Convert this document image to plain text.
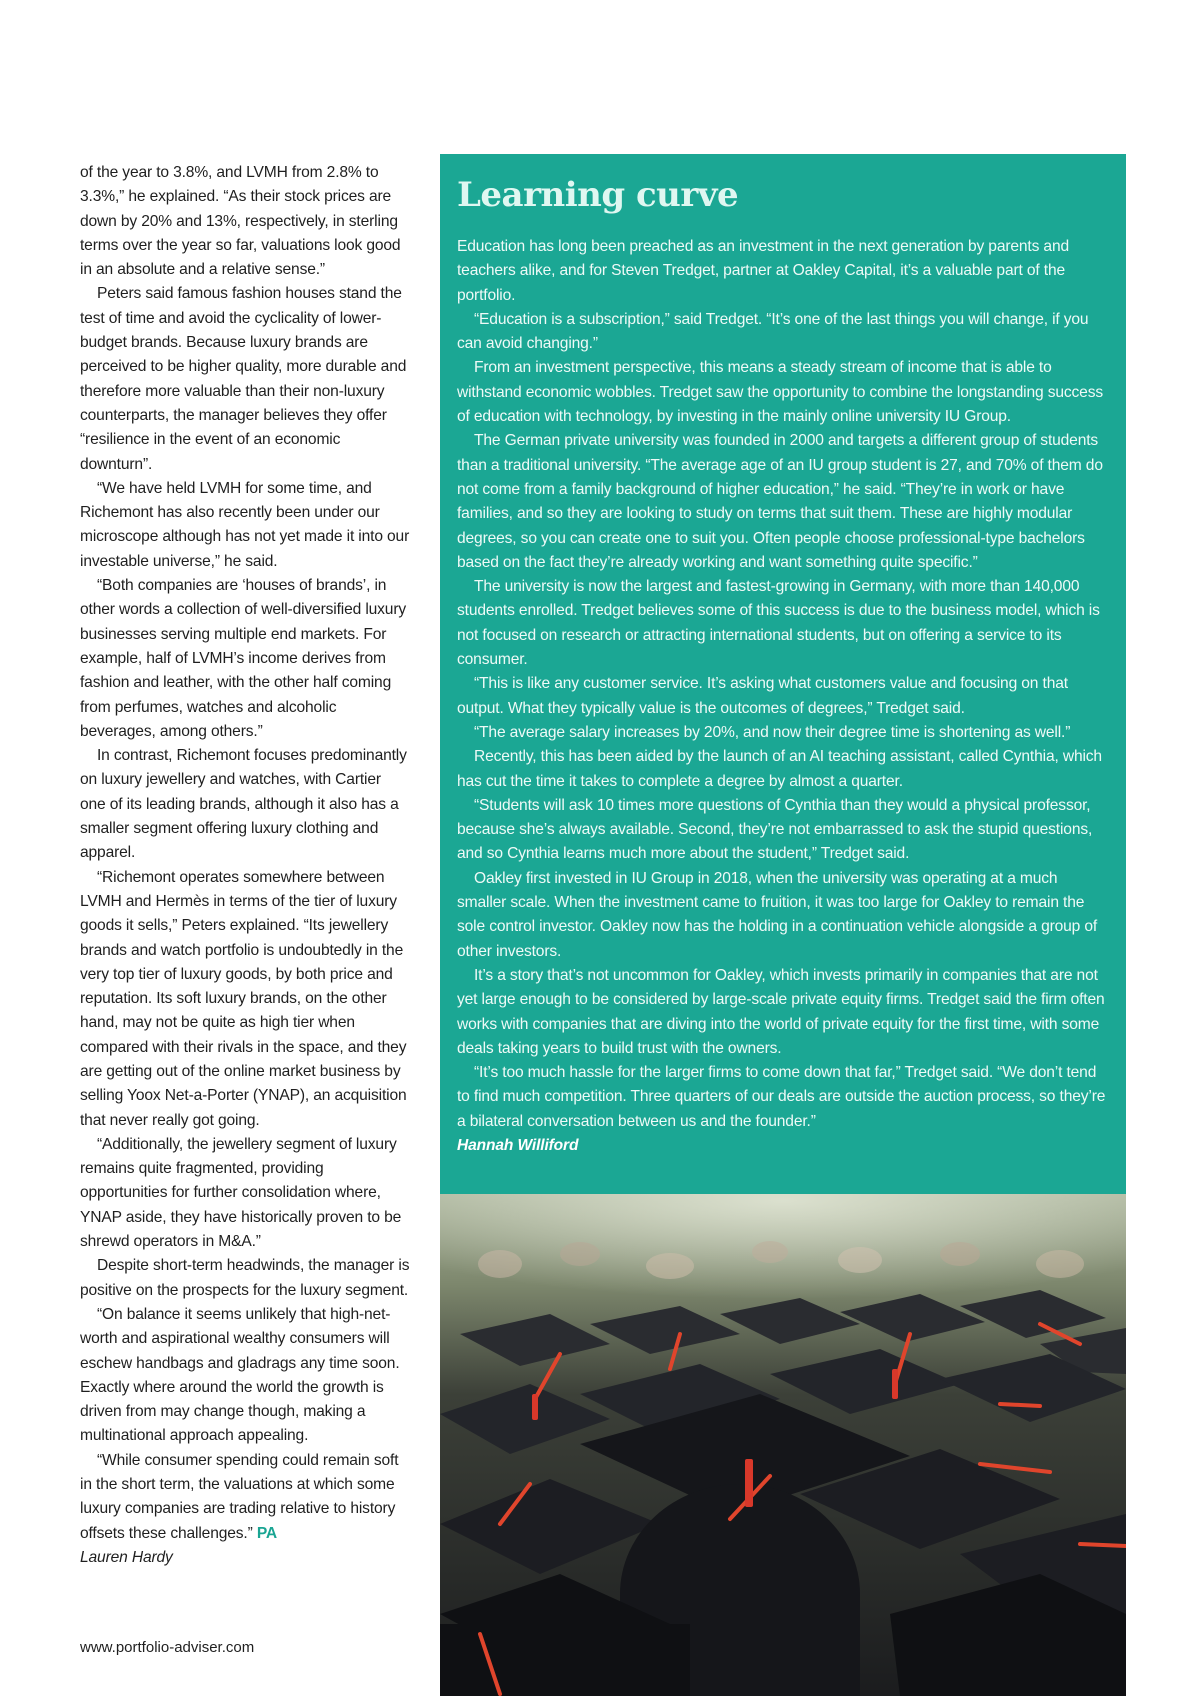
of the year to 3.8%, and LVMH from 2.8% to 3.3%,” he explained. “As their stock prices are down by 20% and 13%, respectively, in sterling terms over the year so far, valuations look good in an absolute and a relative sense.”

Peters said famous fashion houses stand the test of time and avoid the cyclicality of lower-budget brands. Because luxury brands are perceived to be higher quality, more durable and therefore more valuable than their non-luxury counterparts, the manager believes they offer “resilience in the event of an economic downturn”.

“We have held LVMH for some time, and Richemont has also recently been under our microscope although has not yet made it into our investable universe,” he said.

“Both companies are ‘houses of brands’, in other words a collection of well-diversified luxury businesses serving multiple end markets. For example, half of LVMH’s income derives from fashion and leather, with the other half coming from perfumes, watches and alcoholic beverages, among others.”

In contrast, Richemont focuses predominantly on luxury jewellery and watches, with Cartier one of its leading brands, although it also has a smaller segment offering luxury clothing and apparel.

“Richemont operates somewhere between LVMH and Hermès in terms of the tier of luxury goods it sells,” Peters explained. “Its jewellery brands and watch portfolio is undoubtedly in the very top tier of luxury goods, by both price and reputation. Its soft luxury brands, on the other hand, may not be quite as high tier when compared with their rivals in the space, and they are getting out of the online market business by selling Yoox Net-a-Porter (YNAP), an acquisition that never really got going.

“Additionally, the jewellery segment of luxury remains quite fragmented, providing opportunities for further consolidation where, YNAP aside, they have historically proven to be shrewd operators in M&A.”

Despite short-term headwinds, the manager is positive on the prospects for the luxury segment.

“On balance it seems unlikely that high-net-worth and aspirational wealthy consumers will eschew handbags and gladrags any time soon. Exactly where around the world the growth is driven from may change though, making a multinational approach appealing.

“While consumer spending could remain soft in the short term, the valuations at which some luxury companies are trading relative to history offsets these challenges.” PA

Lauren Hardy

www.portfolio-adviser.com
Learning curve

Education has long been preached as an investment in the next generation by parents and teachers alike, and for Steven Tredget, partner at Oakley Capital, it’s a valuable part of the portfolio.

“Education is a subscription,” said Tredget. “It’s one of the last things you will change, if you can avoid changing.”

From an investment perspective, this means a steady stream of income that is able to withstand economic wobbles. Tredget saw the opportunity to combine the longstanding success of education with technology, by investing in the mainly online university IU Group.

The German private university was founded in 2000 and targets a different group of students than a traditional university. “The average age of an IU group student is 27, and 70% of them do not come from a family background of higher education,” he said. “They’re in work or have families, and so they are looking to study on terms that suit them. These are highly modular degrees, so you can create one to suit you. Often people choose professional-type bachelors based on the fact they’re already working and want something quite specific.”

The university is now the largest and fastest-growing in Germany, with more than 140,000 students enrolled. Tredget believes some of this success is due to the business model, which is not focused on research or attracting international students, but on offering a service to its consumer.

“This is like any customer service. It’s asking what customers value and focusing on that output. What they typically value is the outcomes of degrees,” Tredget said.

“The average salary increases by 20%, and now their degree time is shortening as well.”

Recently, this has been aided by the launch of an AI teaching assistant, called Cynthia, which has cut the time it takes to complete a degree by almost a quarter.

“Students will ask 10 times more questions of Cynthia than they would a physical professor, because she’s always available. Second, they’re not embarrassed to ask the stupid questions, and so Cynthia learns much more about the student,” Tredget said.

Oakley first invested in IU Group in 2018, when the university was operating at a much smaller scale. When the investment came to fruition, it was too large for Oakley to remain the sole control investor. Oakley now has the holding in a continuation vehicle alongside a group of other investors.

It’s a story that’s not uncommon for Oakley, which invests primarily in companies that are not yet large enough to be considered by large-scale private equity firms. Tredget said the firm often works with companies that are diving into the world of private equity for the first time, with some deals taking years to build trust with the owners.

“It’s too much hassle for the larger firms to come down that far,” Tredget said. “We don’t tend to find much competition. Three quarters of our deals are outside the auction process, so they’re a bilateral conversation between us and the founder.”

Hannah Williford
